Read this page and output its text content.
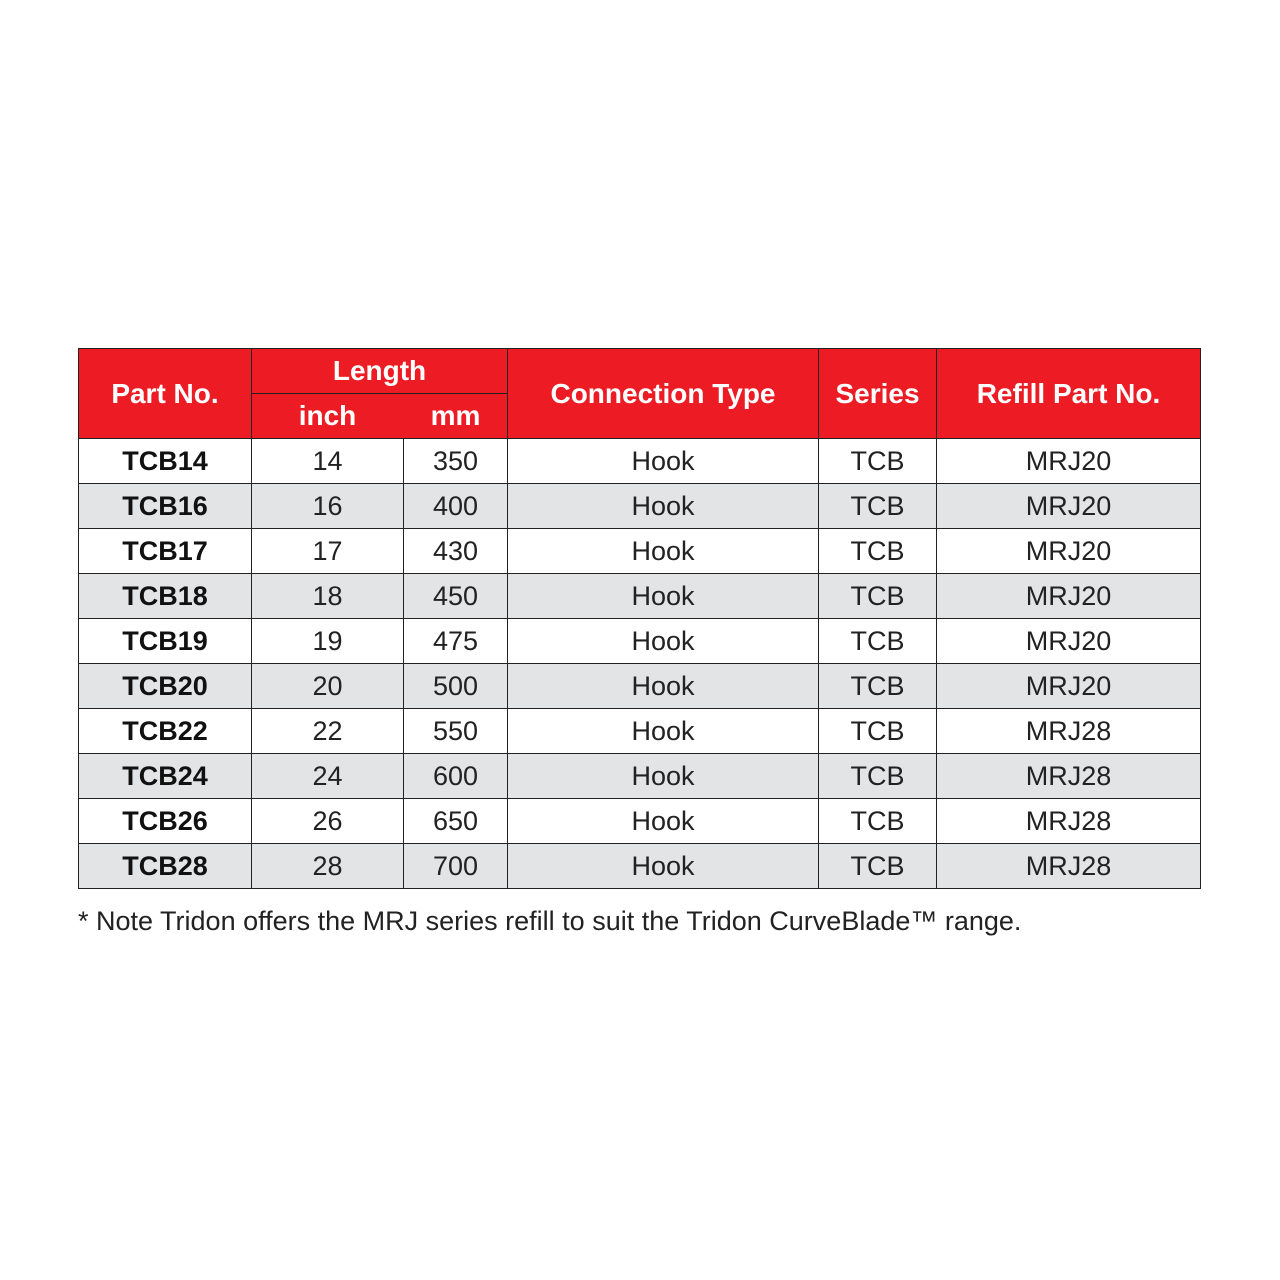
Part No.	Length		Connection Type	Series	Refill Part No.
	inch	mm			
TCB14	14	350	Hook	TCB	MRJ20
TCB16	16	400	Hook	TCB	MRJ20
TCB17	17	430	Hook	TCB	MRJ20
TCB18	18	450	Hook	TCB	MRJ20
TCB19	19	475	Hook	TCB	MRJ20
TCB20	20	500	Hook	TCB	MRJ20
TCB22	22	550	Hook	TCB	MRJ28
TCB24	24	600	Hook	TCB	MRJ28
TCB26	26	650	Hook	TCB	MRJ28
TCB28	28	700	Hook	TCB	MRJ28

* Note Tridon offers the MRJ series refill to suit the Tridon CurveBlade™ range.
